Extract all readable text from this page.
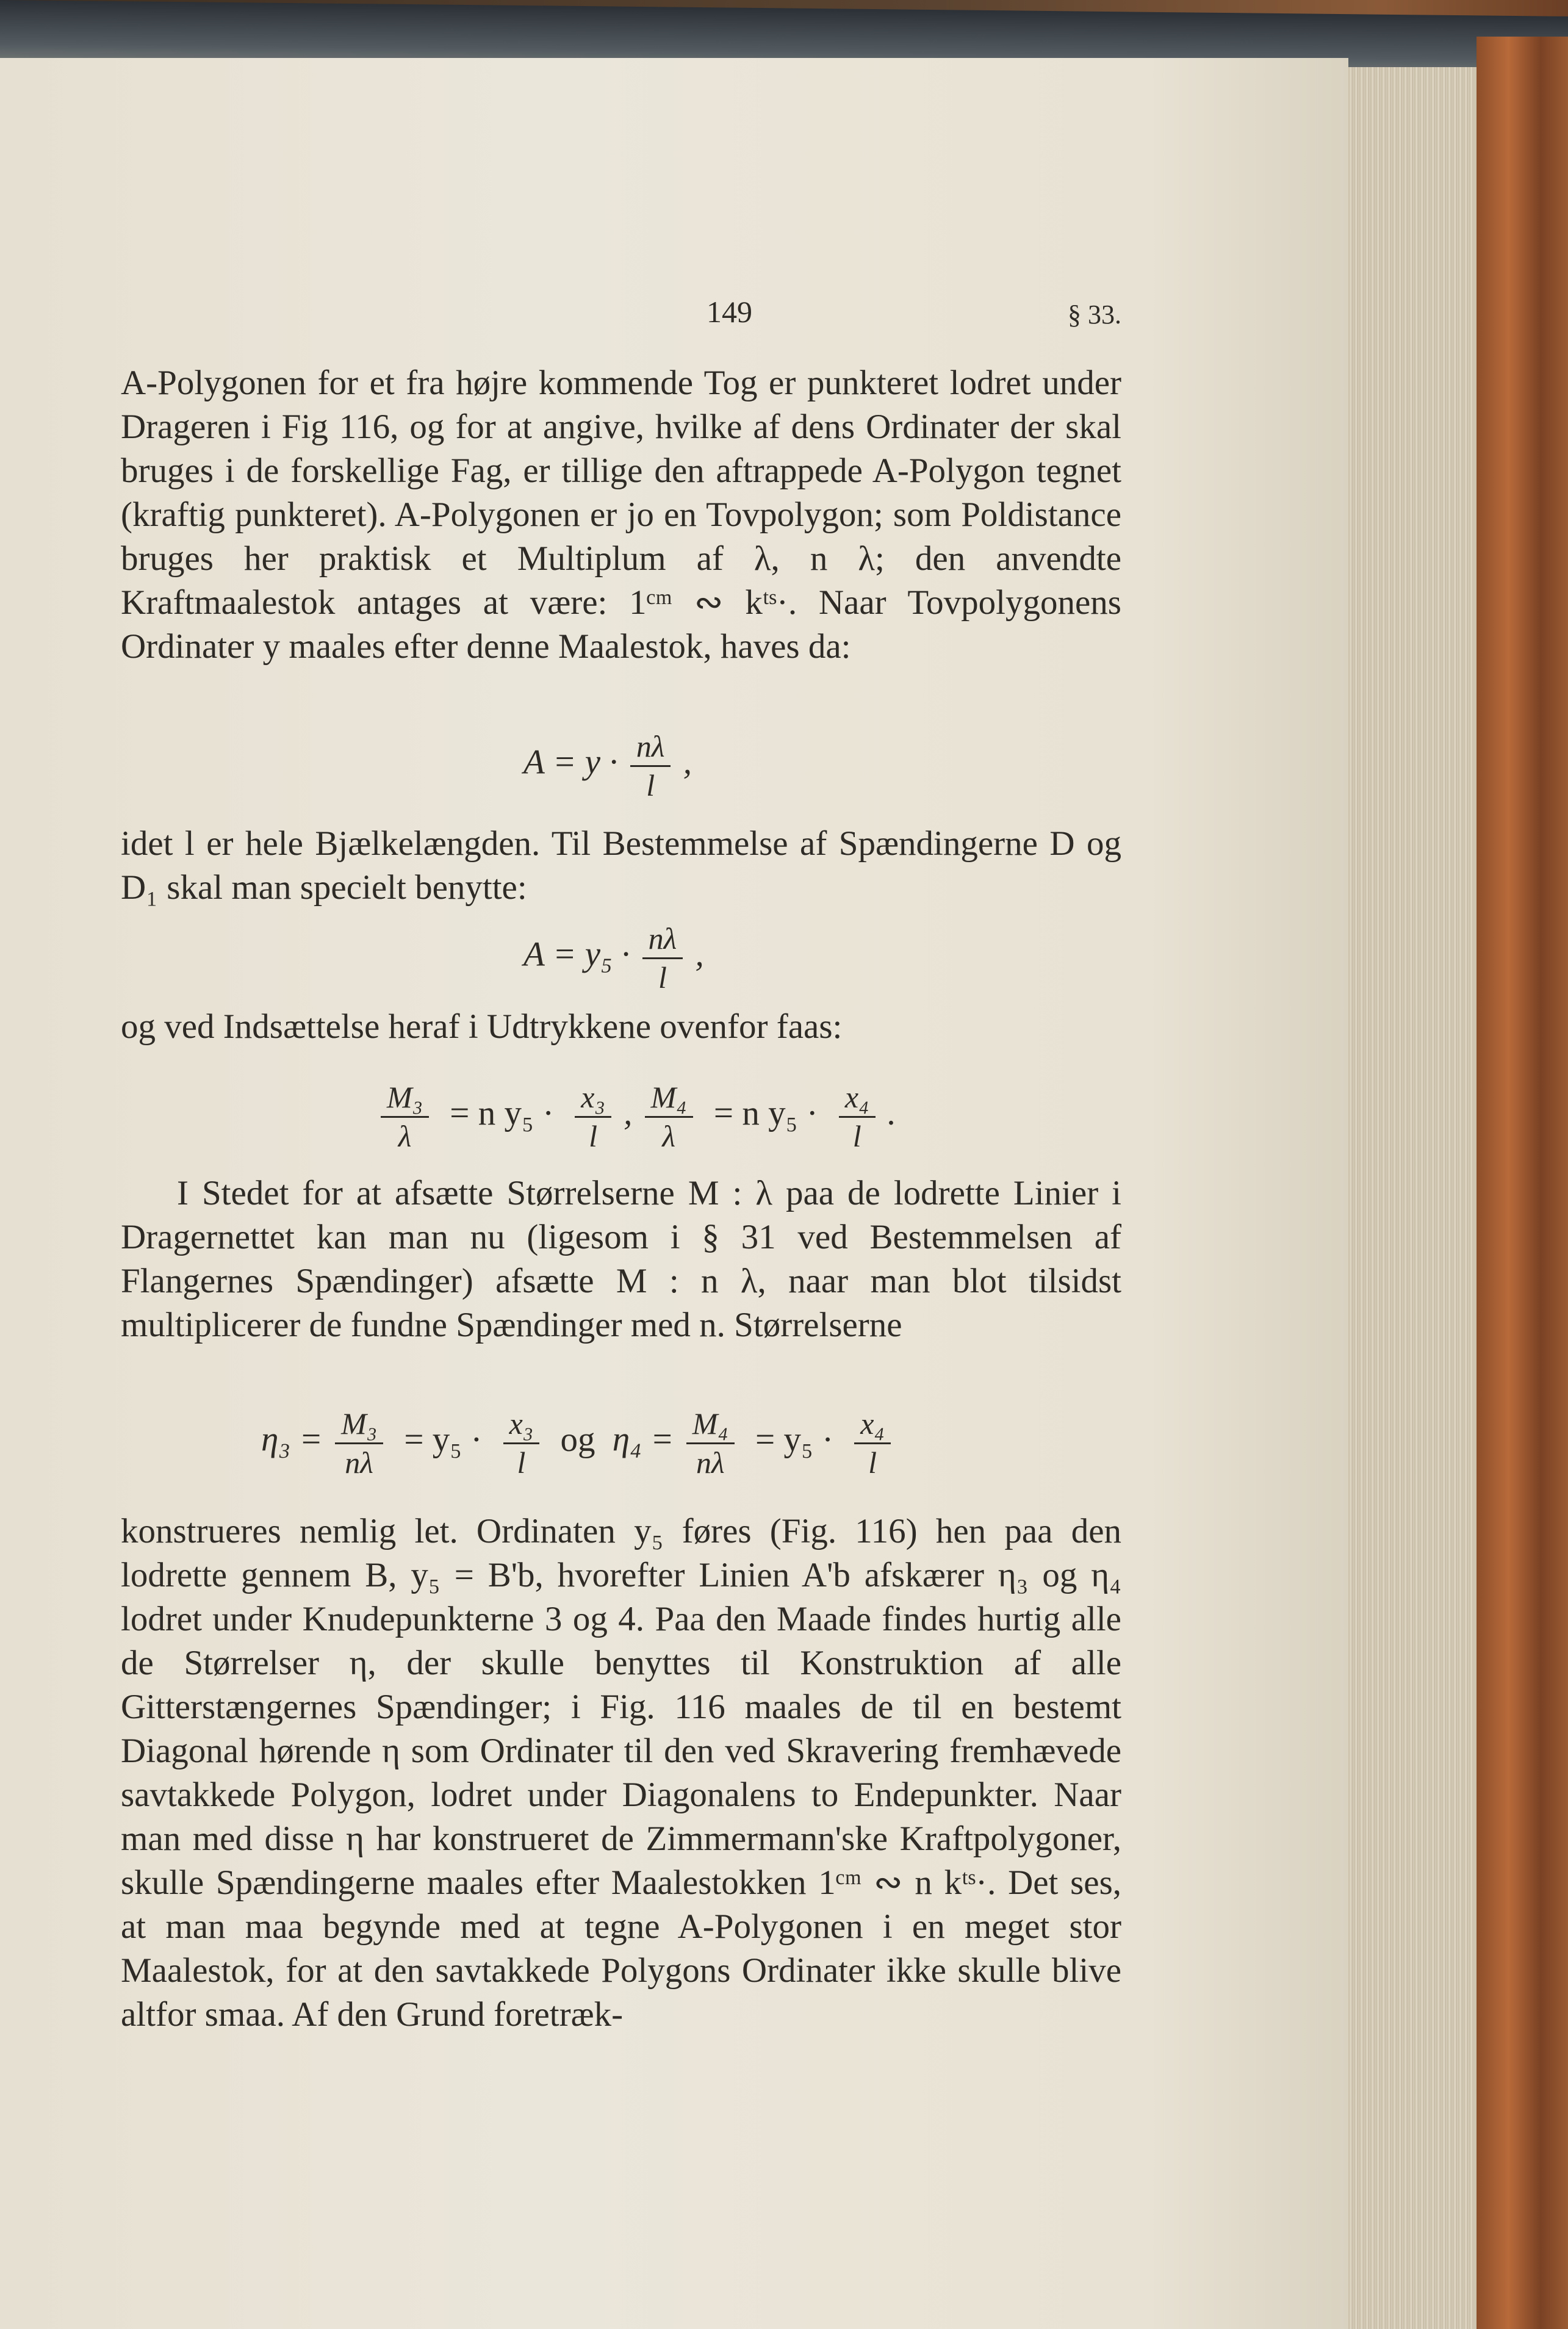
149	§ 33.

A-Polygonen for et fra højre kommende Tog er punkteret lodret under Drageren i Fig 116, og for at angive, hvilke af dens Ordinater der skal bruges i de forskellige Fag, er tillige den aftrappede A-Polygon tegnet (kraftig punkteret). A-Polygonen er jo en Tovpolygon; som Poldistance bruges her praktisk et Multiplum af λ, n λ; den anvendte Kraftmaalestok antages at være: 1ᶜᵐ ∾ kᵗˢ·. Naar Tovpolygonens Ordinater y maales efter denne Maalestok, haves da:

$A = y \cdot \frac{n\lambda}{l}$ ,

idet l er hele Bjælkelængden. Til Bestemmelse af Spændingerne D og D₁ skal man specielt benytte:

$A = y_5 \cdot \frac{n\lambda}{l}$ ,

og ved Indsættelse heraf i Udtrykkene ovenfor faas:

$\frac{\text{M₃}}{\lambda} = n$ $y_5 \cdot \frac{\text{x₃}}{l}$ , $\frac{\text{M₄}}{\lambda} = n$ $y_5 \cdot \frac{\text{x₄}}{l}$ .

I Stedet for at afsætte Størrelserne M : λ paa de lodrette Linier i Dragernettet kan man nu (ligesom i § 31 ved Bestemmelsen af Flangernes Spændinger) afsætte M : n λ, naar man blot tilsidst multiplicerer de fundne Spændinger med n. Størrelserne

$\eta_3 = \frac{\text{M₃}}{n\lambda} = y_5 \cdot \frac{\text{x₃}}{l}$ og $\eta_4 = \frac{\text{M₄}}{n\lambda} = y_5 \cdot \frac{\text{x₄}}{l}$

konstrueres nemlig let. Ordinaten y₅ føres (Fig. 116) hen paa den lodrette gennem B, y₅ = B'b, hvorefter Linien A'b afskærer η₃ og η₄ lodret under Knudepunkterne 3 og 4. Paa den Maade findes hurtig alle de Størrelser η, der skulle benyttes til Konstruktion af alle Gitterstængernes Spændinger; i Fig. 116 maales de til en bestemt Diagonal hørende η som Ordinater til den ved Skravering fremhævede savtakkede Polygon, lodret under Diagonalens to Endepunkter. Naar man med disse η har konstrueret de Zimmermann'ske Kraftpolygoner, skulle Spændingerne maales efter Maalestokken 1ᶜᵐ ∾ n kᵗˢ·. Det ses, at man maa begynde med at tegne A-Polygonen i en meget stor Maalestok, for at den savtakkede Polygons Ordinater ikke skulle blive altfor smaa. Af den Grund foretræk-
